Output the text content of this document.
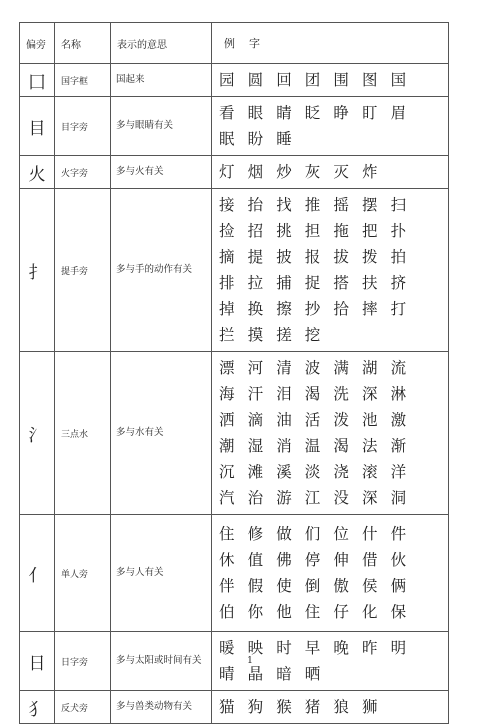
偏旁	名称	表示的意思	例字
囗	国字框	国起来	园 圆 回 团 围 图 国
目	目字旁	多与眼睛有关	看 眼 睛 眨 睁 盯 眉眠 盼 睡
火	火字旁	多与火有关	灯 烟 炒 灰 灭 炸
扌	提手旁	多与手的动作有关	接 抬 找 推 摇 摆 扫捡 招 挑 担 拖 把 扑摘 提 披 报 拔 拨 拍排 拉 捕 捉 搭 扶 挤掉 换 擦 抄 拾 摔 打拦 摸 搓 挖
氵	三点水	多与水有关	漂 河 清 波 满 湖 流海 汗 泪 渴 洗 深 淋洒 滴 油 活 泼 池 激潮 湿 消 温 渴 法 渐沉 滩 溪 淡 浇 滚 洋汽 治 游 江 没 深 洞
亻	单人旁	多与人有关	住 修 做 们 位 什 件休 值 佛 停 伸 借 伙伴 假 使 倒 傲 侯 俩伯 你 他 住 仔 化 保
日	日字旁	多与太阳或时间有关	暖 映 时 早 晚 昨 明晴 晶 暗 晒
犭	反犬旁	多与兽类动物有关	猫 狗 猴 猪 狼 狮
1
